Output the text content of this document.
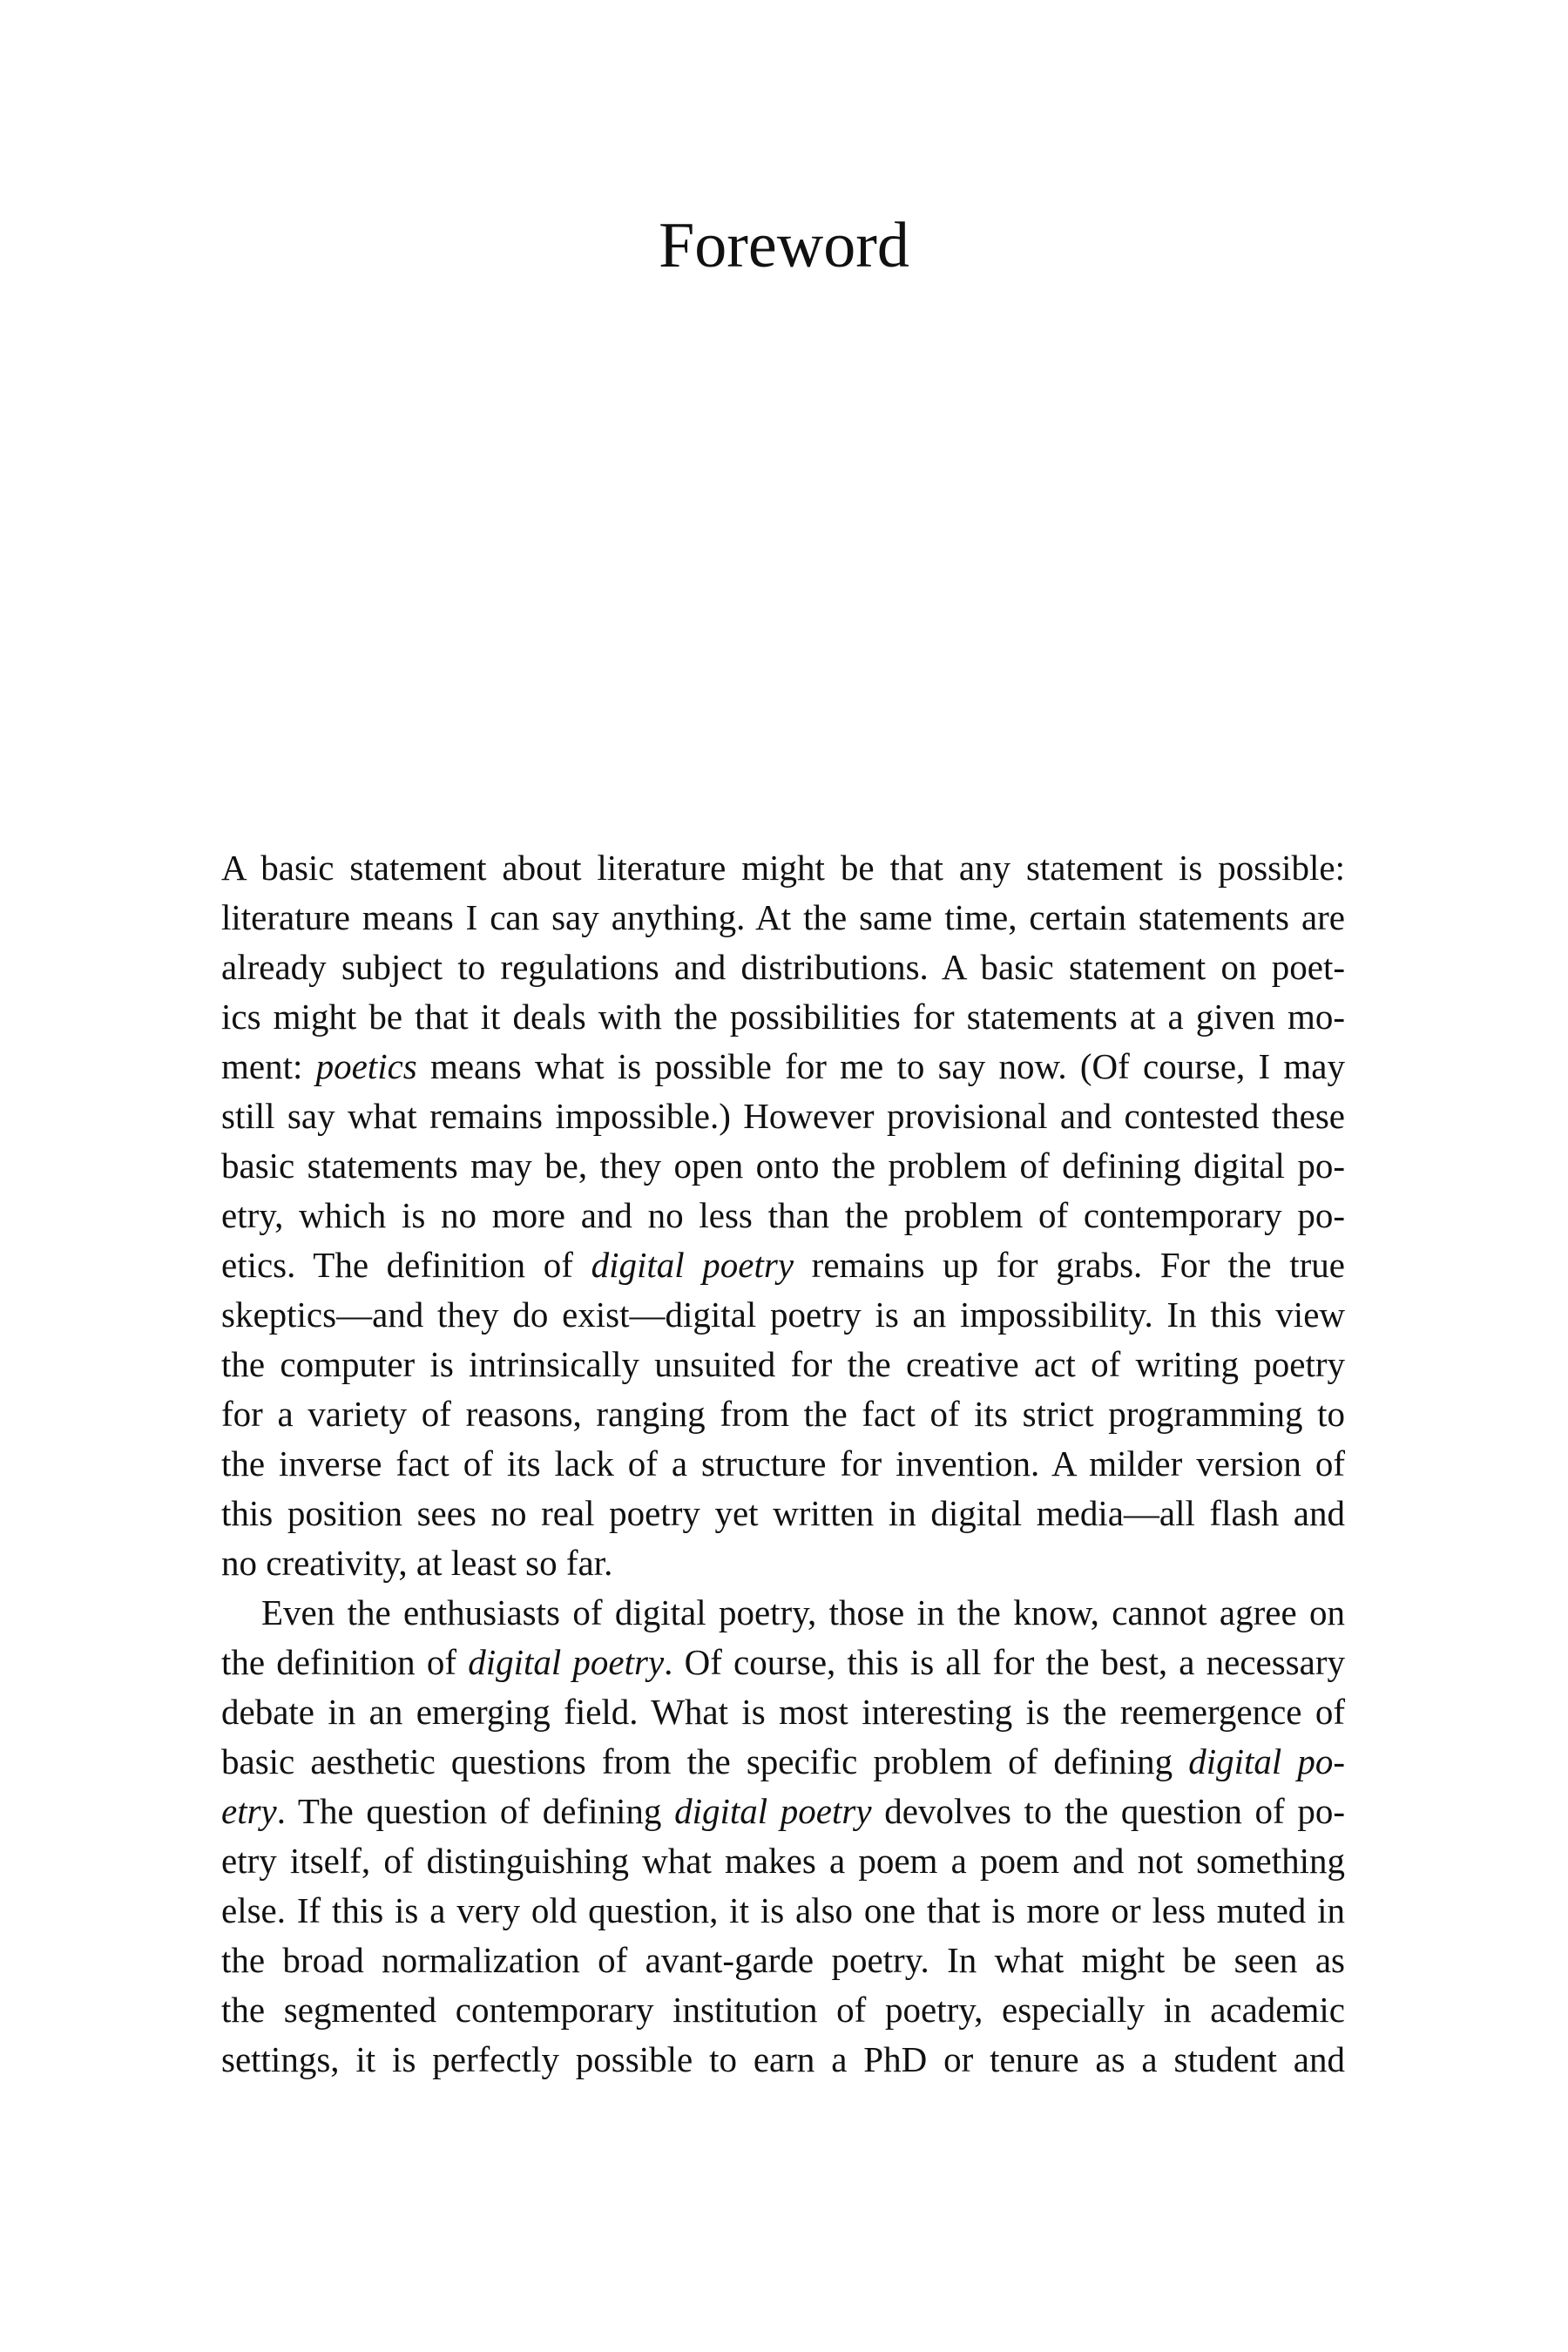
Foreword
A basic statement about literature might be that any statement is possible:
literature means I can say anything. At the same time, certain statements are
already subject to regulations and distributions. A basic statement on poet-
ics might be that it deals with the possibilities for statements at a given mo-
ment: poetics means what is possible for me to say now. (Of course, I may
still say what remains impossible.) However provisional and contested these
basic statements may be, they open onto the problem of defining digital po-
etry, which is no more and no less than the problem of contemporary po-
etics. The definition of digital poetry remains up for grabs. For the true
skeptics—and they do exist—digital poetry is an impossibility. In this view
the computer is intrinsically unsuited for the creative act of writing poetry
for a variety of reasons, ranging from the fact of its strict programming to
the inverse fact of its lack of a structure for invention. A milder version of
this position sees no real poetry yet written in digital media—all flash and
no creativity, at least so far.
Even the enthusiasts of digital poetry, those in the know, cannot agree on
the definition of digital poetry. Of course, this is all for the best, a necessary
debate in an emerging field. What is most interesting is the reemergence of
basic aesthetic questions from the specific problem of defining digital po-
etry. The question of defining digital poetry devolves to the question of po-
etry itself, of distinguishing what makes a poem a poem and not something
else. If this is a very old question, it is also one that is more or less muted in
the broad normalization of avant-garde poetry. In what might be seen as
the segmented contemporary institution of poetry, especially in academic
settings, it is perfectly possible to earn a PhD or tenure as a student and
